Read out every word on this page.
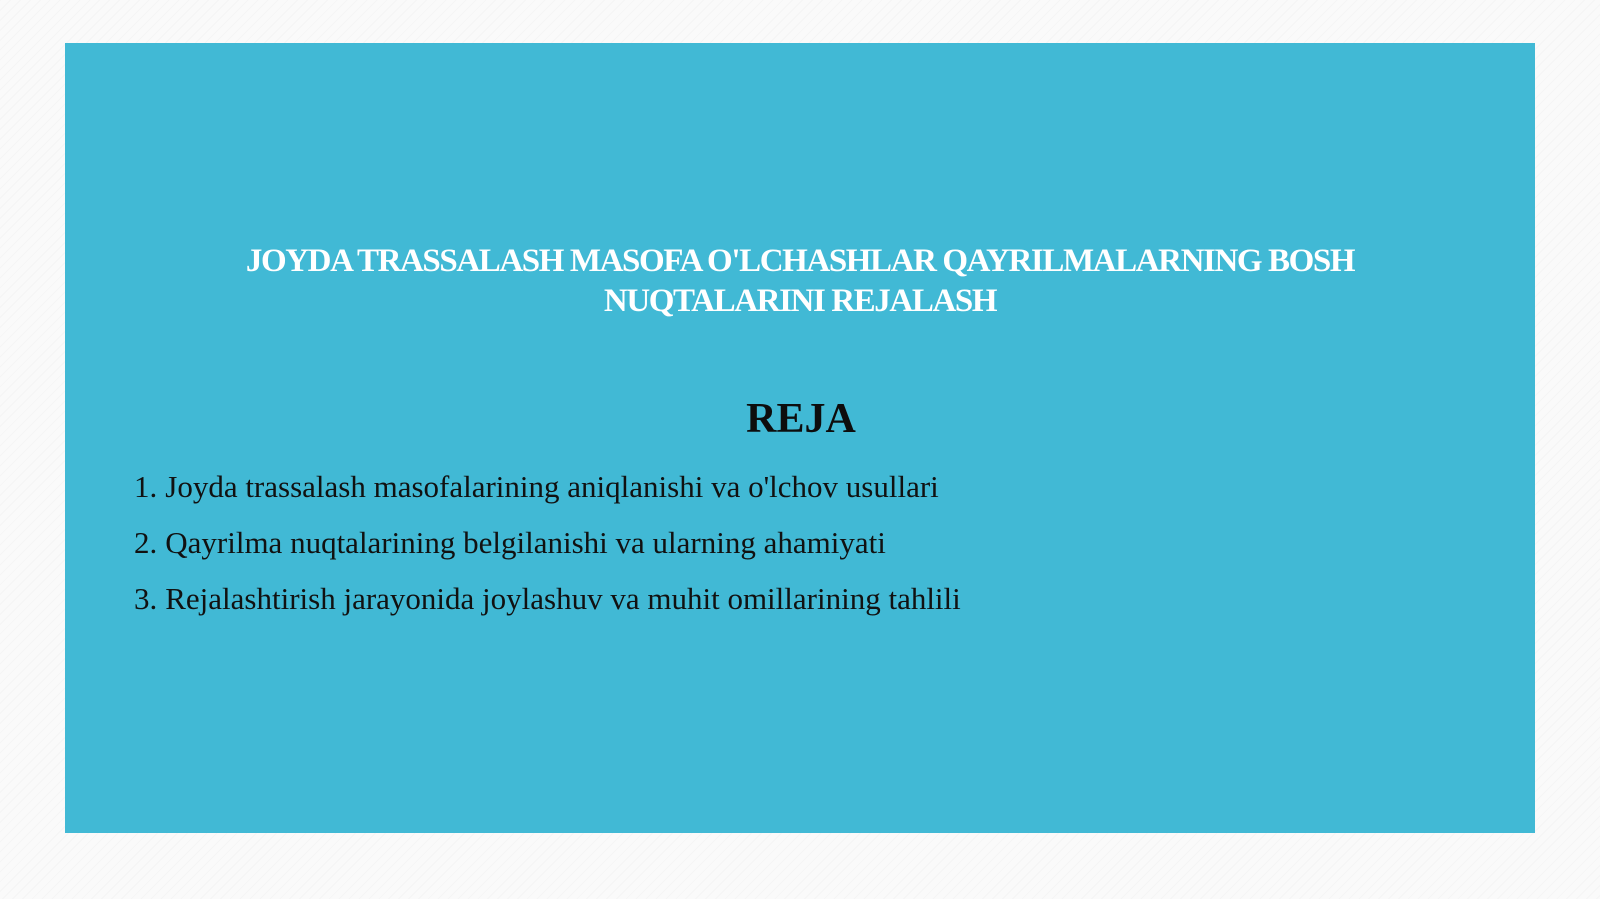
JOYDA TRASSALASH MASOFA O'LCHASHLAR QAYRILMALARNING BOSH
NUQTALARINI REJALASH
REJA
1. Joyda trassalash masofalarining aniqlanishi va o'lchov usullari
2. Qayrilma nuqtalarining belgilanishi va ularning ahamiyati
3. Rejalashtirish jarayonida joylashuv va muhit omillarining tahlili
